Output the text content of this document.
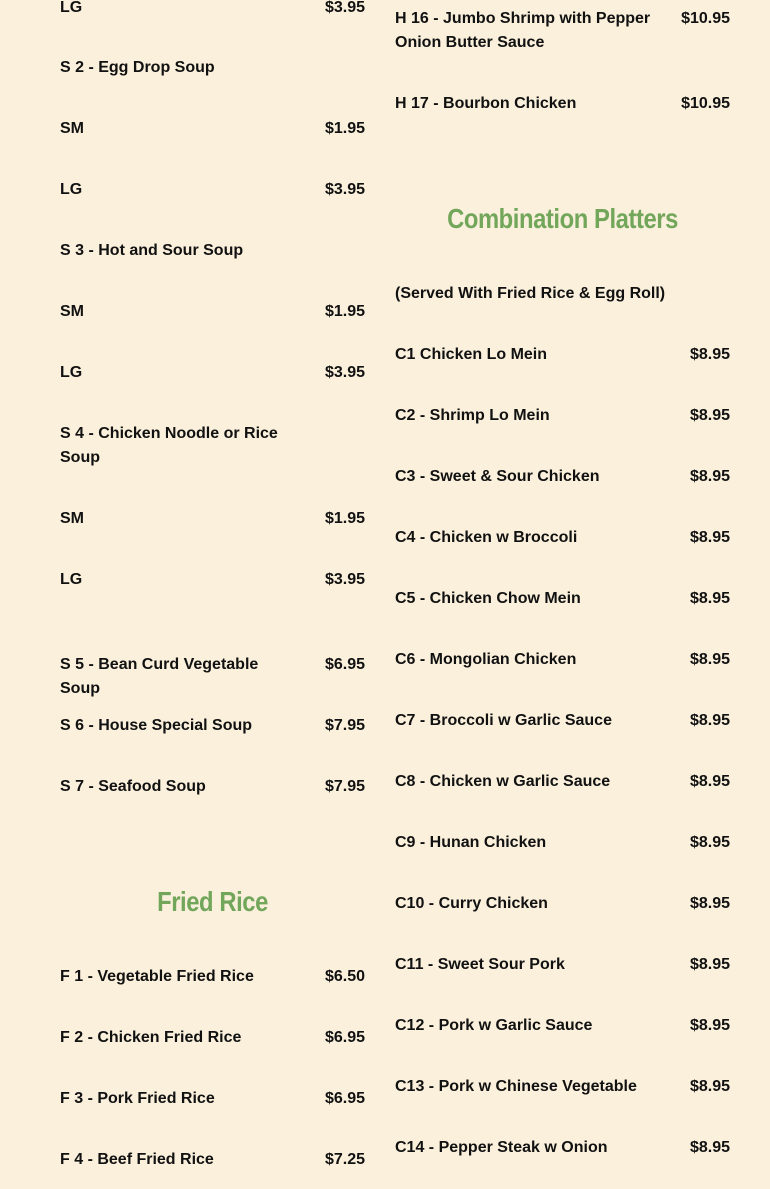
LG	$3.95
S 2 - Egg Drop Soup
SM	$1.95
LG	$3.95
S 3 - Hot and Sour Soup
SM	$1.95
LG	$3.95
S 4 - Chicken Noodle or Rice Soup
SM	$1.95
LG	$3.95
S 5 - Bean Curd Vegetable Soup
$6.95
S 6 - House Special Soup	$7.95
S 7 - Seafood Soup	$7.95
Fried Rice
F 1 - Vegetable Fried Rice	$6.50
F 2 - Chicken Fried Rice	$6.95
F 3 - Pork Fried Rice	$6.95
F 4 - Beef Fried Rice	$7.25
H 16 - Jumbo Shrimp with Pepper Onion Butter Sauce
$10.95
H 17 - Bourbon Chicken	$10.95
Combination Platters
(Served With Fried Rice & Egg Roll)
C1 Chicken Lo Mein	$8.95
C2 - Shrimp Lo Mein	$8.95
C3 - Sweet & Sour Chicken	$8.95
C4 - Chicken w Broccoli	$8.95
C5 - Chicken Chow Mein	$8.95
C6 - Mongolian Chicken	$8.95
C7 - Broccoli w Garlic Sauce	$8.95
C8 - Chicken w Garlic Sauce	$8.95
C9 - Hunan Chicken	$8.95
C10 - Curry Chicken	$8.95
C11 - Sweet Sour Pork	$8.95
C12 - Pork w Garlic Sauce	$8.95
C13 - Pork w Chinese Vegetable	$8.95
C14 - Pepper Steak w Onion	$8.95
